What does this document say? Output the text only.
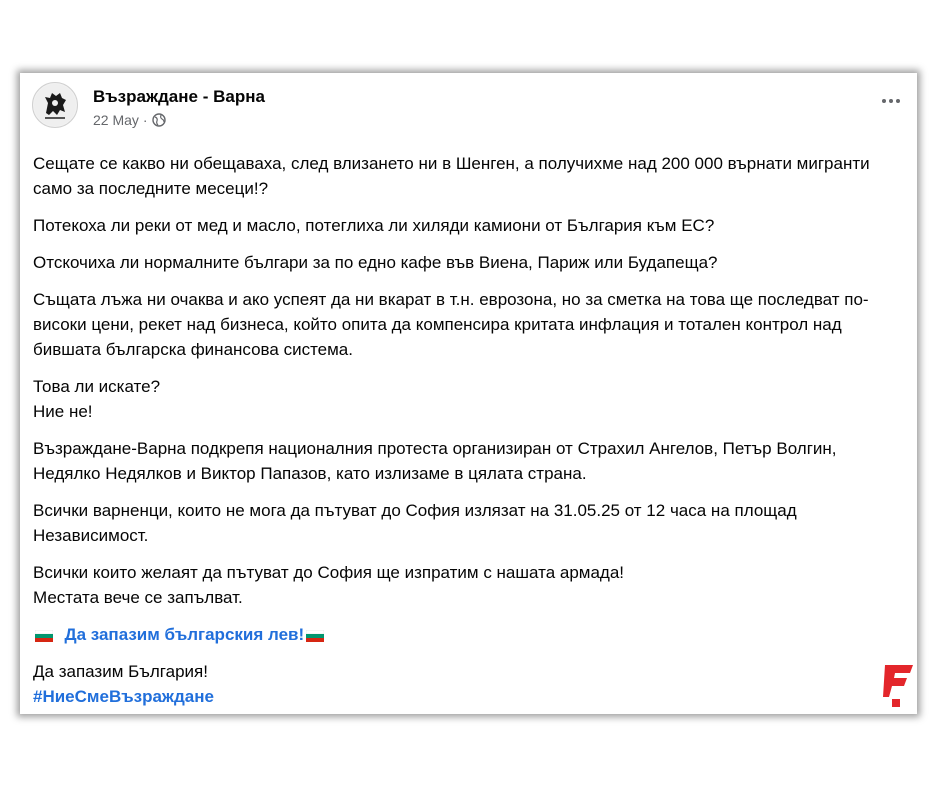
Възраждане - Варна
22 May ·

Сещате се какво ни обещаваха, след влизането ни в Шенген, а получихме над 200 000 върнати мигранти само за последните месеци!?

Потекоха ли реки от мед и масло, потеглиха ли хиляди камиони от България към ЕС?

Отскочиха ли нормалните българи за по едно кафе във Виена, Париж или Будапеща?

Същата лъжа ни очаква и ако успеят да ни вкарат в т.н. еврозона, но за сметка на това ще последват по-високи цени, рекет над бизнеса, който опита да компенсира критата инфлация и тотален контрол над бившата българска финансова система.

Това ли искате?
Ние не!

Възраждане-Варна подкрепя националния протеста организиран от Страхил Ангелов, Петър Волгин, Недялко Недялков и Виктор Папазов, като излизаме в цялата страна.

Всички варненци, които не мога да пътуват до София излязат на 31.05.25 от 12 часа на площад Независимост.

Всички които желаят да пътуват до София ще изпратим с нашата армада!
Местата вече се запълват.

Да запазим българския лев!

Да запазим България!
#НиеСмеВъзраждане
